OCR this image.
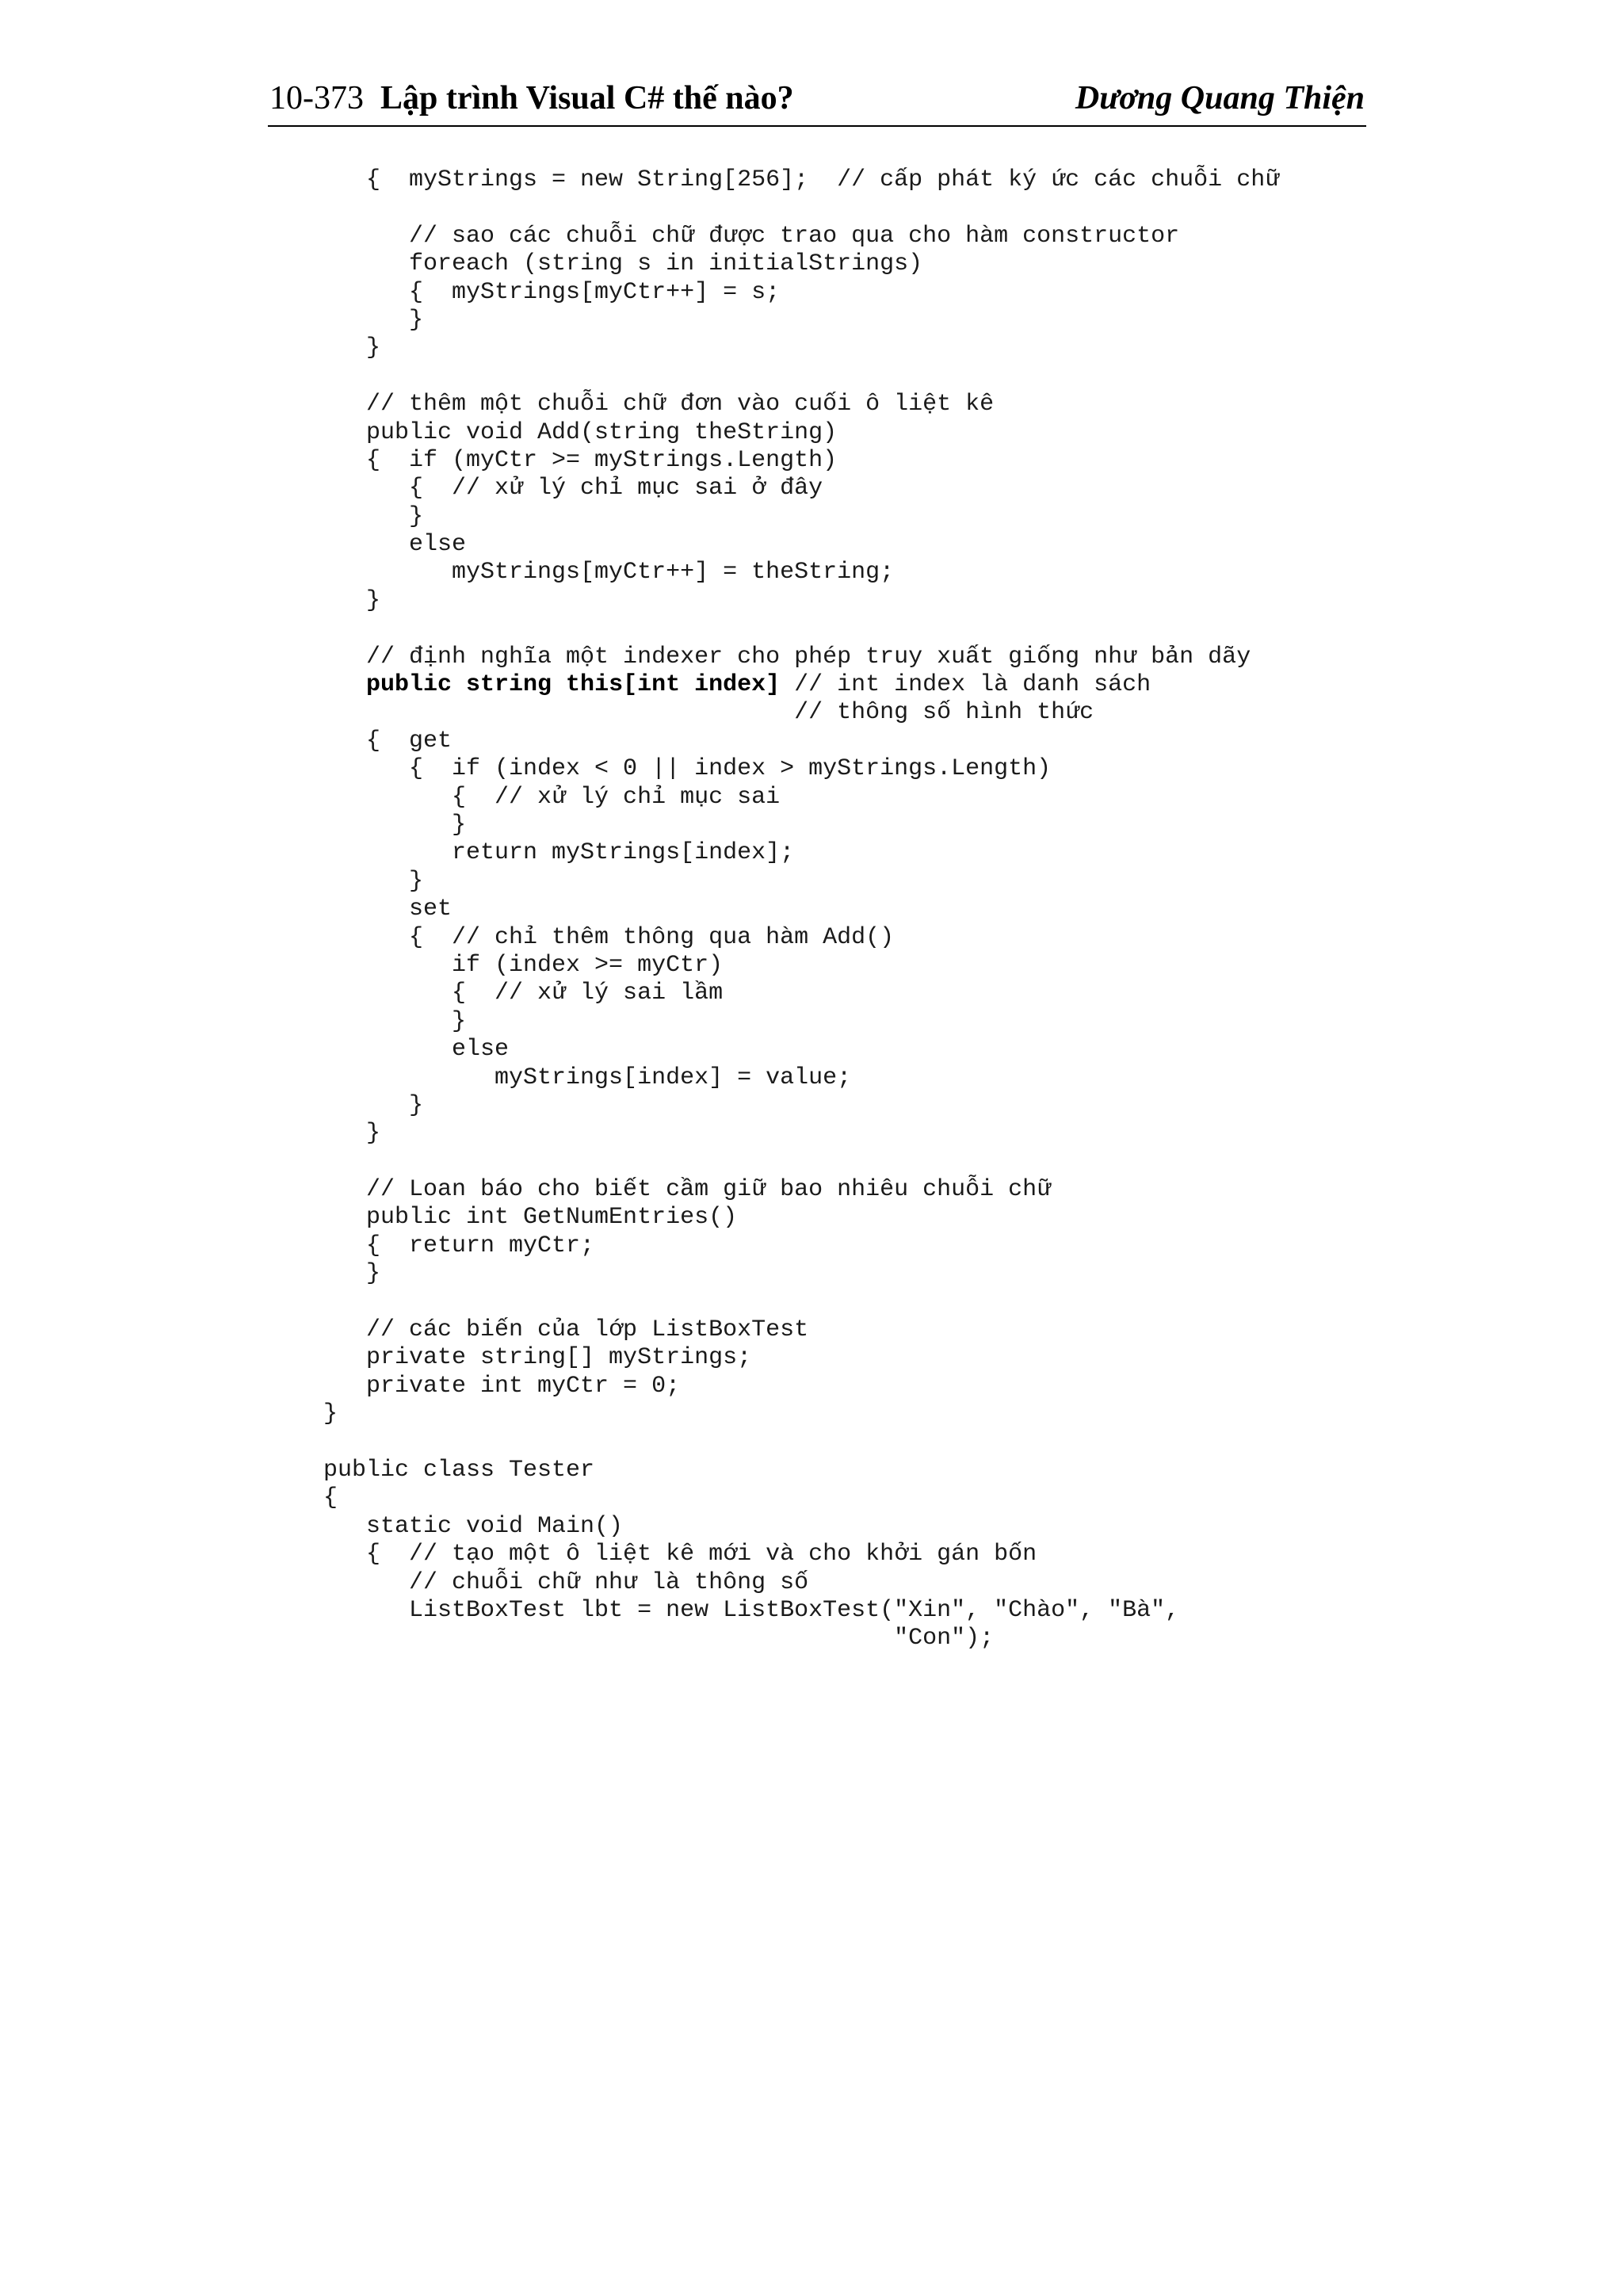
10-373 Lập trình Visual C# thế nào?	Dương Quang Thiện
{  myStrings = new String[256];  // cấp phát ký ức các chuỗi chữ
// sao các chuỗi chữ được trao qua cho hàm constructor
foreach (string s in initialStrings)
{  myStrings[myCtr++] = s;
}
}
// thêm một chuỗi chữ đơn vào cuối ô liệt kê
public void Add(string theString)
{  if (myCtr >= myStrings.Length)
{  // xử lý chỉ mục sai ở đây
}
else
myStrings[myCtr++] = theString;
}
// định nghĩa một indexer cho phép truy xuất giống như bản dãy
public string this[int index] // int index là danh sách
// thông số hình thức
{  get
{  if (index < 0 || index > myStrings.Length)
{  // xử lý chỉ mục sai
}
return myStrings[index];
}
set
{  // chỉ thêm thông qua hàm Add()
if (index >= myCtr)
{  // xử lý sai lầm
}
else
myStrings[index] = value;
}
}
// Loan báo cho biết cầm giữ bao nhiêu chuỗi chữ
public int GetNumEntries()
{  return myCtr;
}
// các biến của lớp ListBoxTest
private string[] myStrings;
private int myCtr = 0;
}
public class Tester
{
static void Main()
{  // tạo một ô liệt kê mới và cho khởi gán bốn
// chuỗi chữ như là thông số
ListBoxTest lbt = new ListBoxTest("Xin", "Chào", "Bà",
"Con");
